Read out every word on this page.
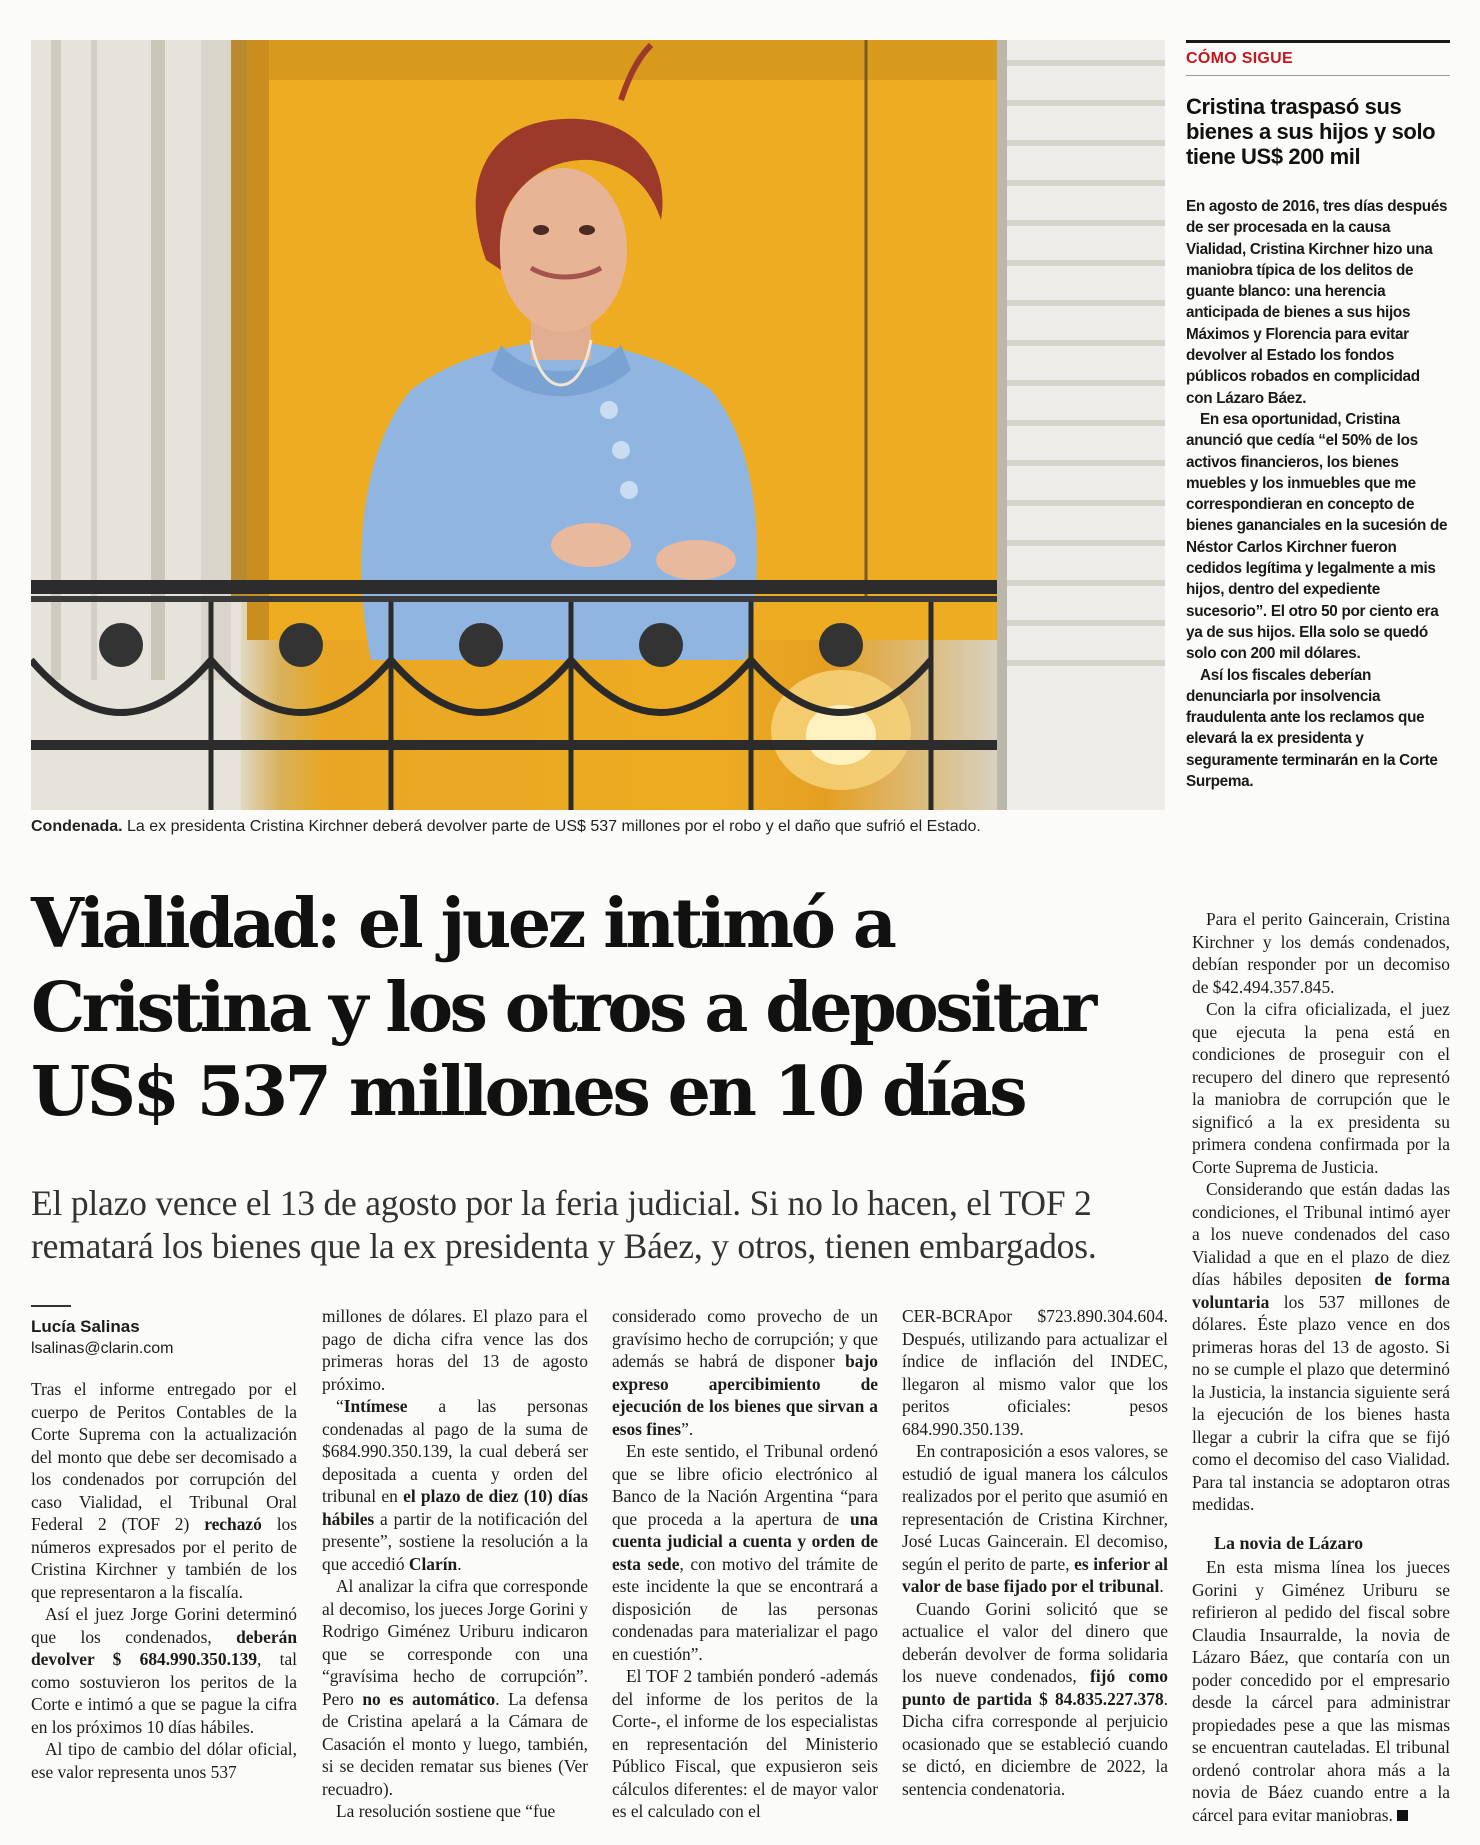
Condenada. La ex presidenta Cristina Kirchner deberá devolver parte de US$ 537 millones por el robo y el daño que sufrió el Estado.
CÓMO SIGUE
Cristina traspasó sus bienes a sus hijos y solo tiene US$ 200 mil

En agosto de 2016, tres días después de ser procesada en la causa Vialidad, Cristina Kirchner hizo una maniobra típica de los delitos de guante blanco: una herencia anticipada de bienes a sus hijos Máximos y Florencia para evitar devolver al Estado los fondos públicos robados en complicidad con Lázaro Báez.

En esa oportunidad, Cristina anunció que cedía “el 50% de los activos financieros, los bienes muebles y los inmuebles que me correspondieran en concepto de bienes gananciales en la sucesión de Néstor Carlos Kirchner fueron cedidos legítima y legalmente a mis hijos, dentro del expediente sucesorio”. El otro 50 por ciento era ya de sus hijos. Ella solo se quedó solo con 200 mil dólares.

Así los fiscales deberían denunciarla por insolvencia fraudulenta ante los reclamos que elevará la ex presidenta y seguramente terminarán en la Corte Surpema.

Vialidad: el juez intimó a Cristina y los otros a depositar US$ 537 millones en 10 días
El plazo vence el 13 de agosto por la feria judicial. Si no lo hacen, el TOF 2 rematará los bienes que la ex presidenta y Báez, y otros, tienen embargados.
Lucía Salinas
lsalinas@clarin.com

Tras el informe entregado por el cuerpo de Peritos Contables de la Corte Suprema con la actualización del monto que debe ser decomisado a los condenados por corrupción del caso Vialidad, el Tribunal Oral Federal 2 (TOF 2) rechazó los números expresados por el perito de Cristina Kirchner y también de los que representaron a la fiscalía.

Así el juez Jorge Gorini determinó que los condenados, deberán devolver $ 684.990.350.139, tal como sostuvieron los peritos de la Corte e intimó a que se pague la cifra en los próximos 10 días hábiles.

Al tipo de cambio del dólar oficial, ese valor representa unos 537

millones de dólares. El plazo para el pago de dicha cifra vence las dos primeras horas del 13 de agosto próximo.

“Intímese a las personas condenadas al pago de la suma de $684.990.350.139, la cual deberá ser depositada a cuenta y orden del tribunal en el plazo de diez (10) días hábiles a partir de la notificación del presente”, sostiene la resolución a la que accedió Clarín.

Al analizar la cifra que corresponde al decomiso, los jueces Jorge Gorini y Rodrigo Giménez Uriburu indicaron que se corresponde con una “gravísima hecho de corrupción”. Pero no es automático. La defensa de Cristina apelará a la Cámara de Casación el monto y luego, también, si se deciden rematar sus bienes (Ver recuadro).

La resolución sostiene que “fue

considerado como provecho de un gravísimo hecho de corrupción; y que además se habrá de disponer bajo expreso apercibimiento de ejecución de los bienes que sirvan a esos fines”.

En este sentido, el Tribunal ordenó que se libre oficio electrónico al Banco de la Nación Argentina “para que proceda a la apertura de una cuenta judicial a cuenta y orden de esta sede, con motivo del trámite de este incidente la que se encontrará a disposición de las personas condenadas para materializar el pago en cuestión”.

El TOF 2 también ponderó -además del informe de los peritos de la Corte-, el informe de los especialistas en representación del Ministerio Público Fiscal, que expusieron seis cálculos diferentes: el de mayor valor es el calculado con el

CER-BCRApor $723.890.304.604. Después, utilizando para actualizar el índice de inflación del INDEC, llegaron al mismo valor que los peritos oficiales: pesos 684.990.350.139.

En contraposición a esos valores, se estudió de igual manera los cálculos realizados por el perito que asumió en representación de Cristina Kirchner, José Lucas Gaincerain. El decomiso, según el perito de parte, es inferior al valor de base fijado por el tribunal.

Cuando Gorini solicitó que se actualice el valor del dinero que deberán devolver de forma solidaria los nueve condenados, fijó como punto de partida $ 84.835.227.378. Dicha cifra corresponde al perjuicio ocasionado que se estableció cuando se dictó, en diciembre de 2022, la sentencia condenatoria.

Para el perito Gaincerain, Cristina Kirchner y los demás condenados, debían responder por un decomiso de $42.494.357.845.

Con la cifra oficializada, el juez que ejecuta la pena está en condiciones de proseguir con el recupero del dinero que representó la maniobra de corrupción que le significó a la ex presidenta su primera condena confirmada por la Corte Suprema de Justicia.

Considerando que están dadas las condiciones, el Tribunal intimó ayer a los nueve condenados del caso Vialidad a que en el plazo de diez días hábiles depositen de forma voluntaria los 537 millones de dólares. Éste plazo vence en dos primeras horas del 13 de agosto. Si no se cumple el plazo que determinó la Justicia, la instancia siguiente será la ejecución de los bienes hasta llegar a cubrir la cifra que se fijó como el decomiso del caso Vialidad. Para tal instancia se adoptaron otras medidas.

La novia de Lázaro

En esta misma línea los jueces Gorini y Giménez Uriburu se refirieron al pedido del fiscal sobre Claudia Insaurralde, la novia de Lázaro Báez, que contaría con un poder concedido por el empresario desde la cárcel para administrar propiedades pese a que las mismas se encuentran cauteladas. El tribunal ordenó controlar ahora más a la novia de Báez cuando entre a la cárcel para evitar maniobras.
